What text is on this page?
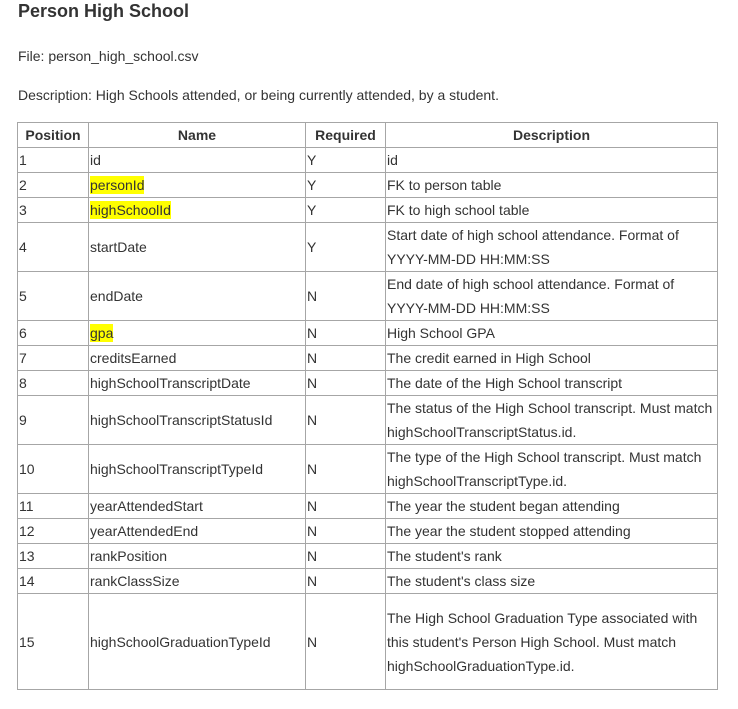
Person High School
File: person_high_school.csv
Description: High Schools attended, or being currently attended, by a student.
Position	Name	Required	Description
1	id	Y	id
2	personId	Y	FK to person table
3	highSchoolId	Y	FK to high school table
4	startDate	Y	Start date of high school attendance. Format of YYYY-MM-DD HH:MM:SS
5	endDate	N	End date of high school attendance. Format of YYYY-MM-DD HH:MM:SS
6	gpa	N	High School GPA
7	creditsEarned	N	The credit earned in High School
8	highSchoolTranscriptDate	N	The date of the High School transcript
9	highSchoolTranscriptStatusId	N	The status of the High School transcript. Must match highSchoolTranscriptStatus.id.
10	highSchoolTranscriptTypeId	N	The type of the High School transcript. Must match highSchoolTranscriptType.id.
11	yearAttendedStart	N	The year the student began attending
12	yearAttendedEnd	N	The year the student stopped attending
13	rankPosition	N	The student's rank
14	rankClassSize	N	The student's class size
15	highSchoolGraduationTypeId	N	The High School Graduation Type associated with this student's Person High School. Must match highSchoolGraduationType.id.
